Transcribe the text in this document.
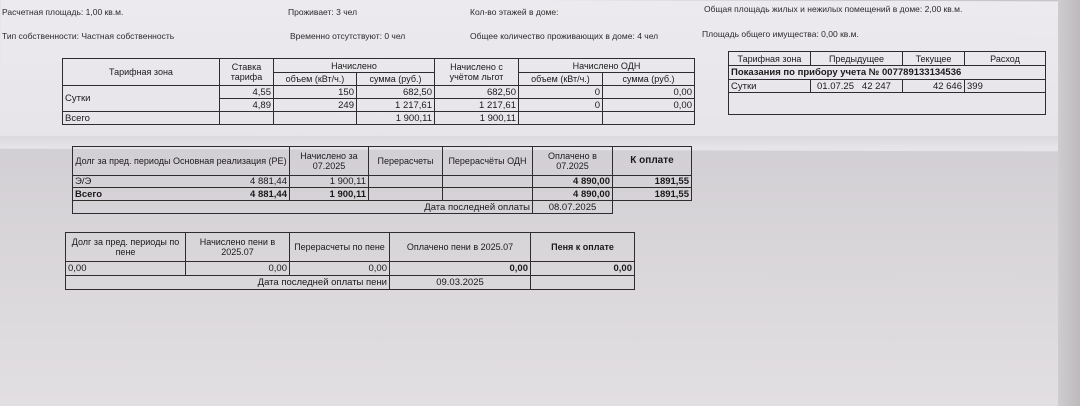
Расчетная площадь: 1,00 кв.м.	Проживает: 3 чел	Кол-во этажей в доме:	Общая площадь жилых и нежилых помещений в доме: 2,00 кв.м.
Тип собственности: Частная собственность	Временно отсутствуют: 0 чел	Общее количество проживающих в доме: 4 чел	Площадь общего имущества: 0,00 кв.м.
Тарифная зона	Ставка тарифа	Начислено		Начислено с учётом льгот	Начислено ОДН	
		объем (кВт/ч.)	сумма (руб.)		объем (кВт/ч.)	сумма (руб.)
Сутки	4,55	150	682,50	682,50	0	0,00
	4,89	249	1 217,61	1 217,61	0	0,00
Всего			1 900,11	1 900,11		
Тарифная зона	Предыдущее	Текущее	Расход
Показания по прибору учета № 007789133134536			
Сутки	01.07.25 42 247	42 646	399

Долг за пред. периоды Основная реализация (РЕ)	Начислено за 07.2025	Перерасчеты	Перерасчёты ОДН	Оплачено в 07.2025	К оплате
Э/Э 4 881,44	1 900,11			4 890,00	1891,55
Всего 4 881,44	1 900,11			4 890,00	1891,55
Дата последней оплаты				08.07.2025	
Долг за пред. периоды по пене	Начислено пени в 2025.07	Перерасчеты по пене	Оплачено пени в 2025.07	Пеня к оплате
0,00	0,00	0,00	0,00	0,00
Дата последней оплаты пени			09.03.2025	
